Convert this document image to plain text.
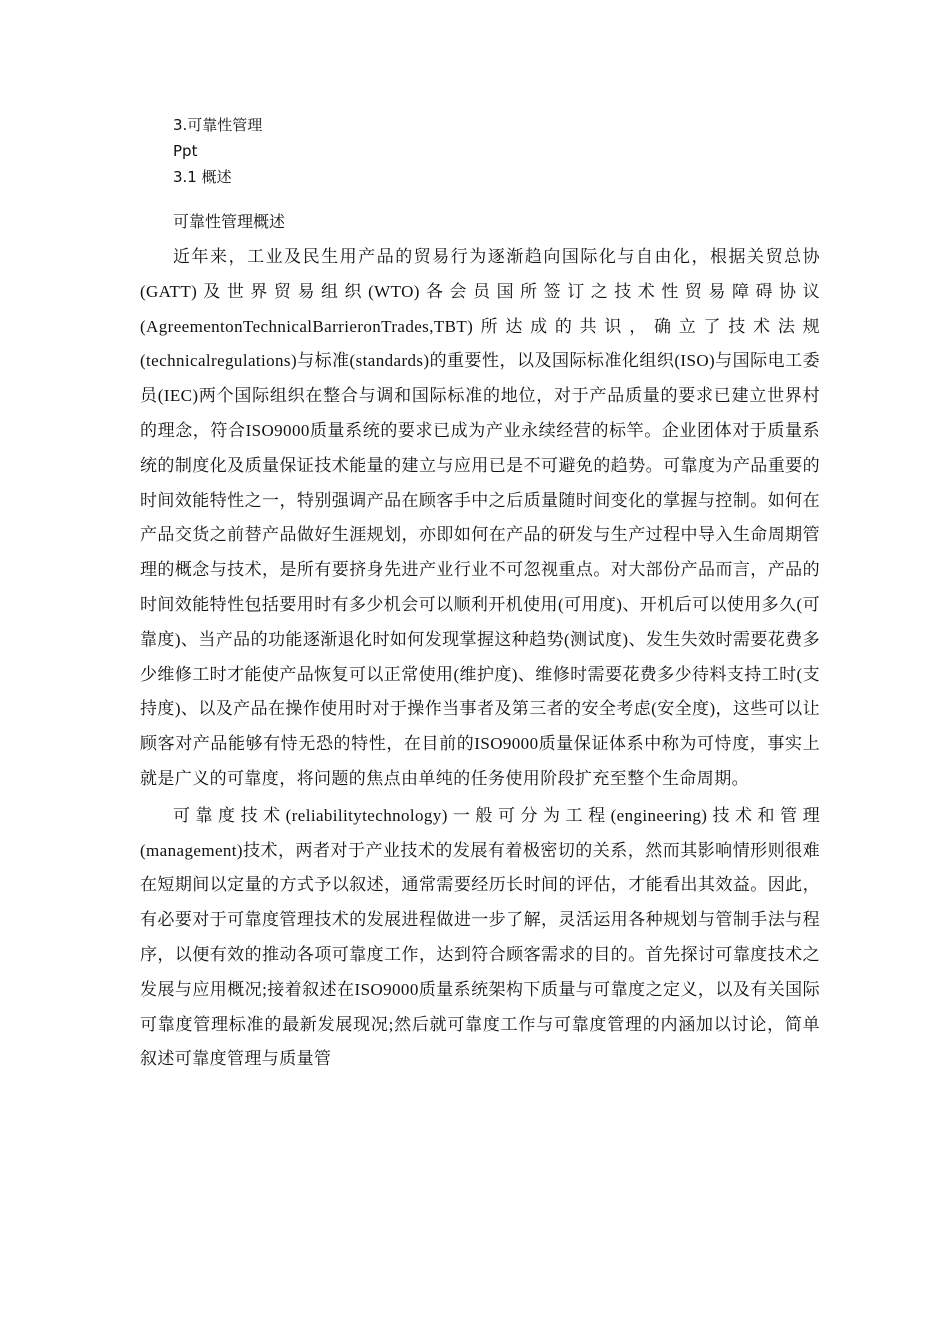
3.可靠性管理

Ppt

3.1 概述

可靠性管理概述

近年来，工业及民生用产品的贸易行为逐渐趋向国际化与自由化，根据关贸总协(GATT)及世界贸易组织(WTO)各会员国所签订之技术性贸易障碍协议(AgreementonTechnicalBarrieronTrades,TBT)所达成的共识，确立了技术法规(technicalregulations)与标准(standards)的重要性，以及国际标准化组织(ISO)与国际电工委员(IEC)两个国际组织在整合与调和国际标准的地位，对于产品质量的要求已建立世界村的理念，符合ISO9000质量系统的要求已成为产业永续经营的标竿。企业团体对于质量系统的制度化及质量保证技术能量的建立与应用已是不可避免的趋势。可靠度为产品重要的时间效能特性之一，特别强调产品在顾客手中之后质量随时间变化的掌握与控制。如何在产品交货之前替产品做好生涯规划，亦即如何在产品的研发与生产过程中导入生命周期管理的概念与技术，是所有要挤身先进产业行业不可忽视重点。对大部份产品而言，产品的时间效能特性包括要用时有多少机会可以顺利开机使用(可用度)、开机后可以使用多久(可靠度)、当产品的功能逐渐退化时如何发现掌握这种趋势(测试度)、发生失效时需要花费多少维修工时才能使产品恢复可以正常使用(维护度)、维修时需要花费多少待料支持工时(支持度)、以及产品在操作使用时对于操作当事者及第三者的安全考虑(安全度)，这些可以让顾客对产品能够有恃无恐的特性，在目前的ISO9000质量保证体系中称为可恃度，事实上就是广义的可靠度，将问题的焦点由单纯的任务使用阶段扩充至整个生命周期。

可靠度技术(reliabilitytechnology)一般可分为工程(engineering)技术和管理(management)技术，两者对于产业技术的发展有着极密切的关系，然而其影响情形则很难在短期间以定量的方式予以叙述，通常需要经历长时间的评估，才能看出其效益。因此，有必要对于可靠度管理技术的发展进程做进一步了解，灵活运用各种规划与管制手法与程序，以便有效的推动各项可靠度工作，达到符合顾客需求的目的。首先探讨可靠度技术之发展与应用概况;接着叙述在ISO9000质量系统架构下质量与可靠度之定义，以及有关国际可靠度管理标准的最新发展现况;然后就可靠度工作与可靠度管理的内涵加以讨论，简单叙述可靠度管理与质量管
